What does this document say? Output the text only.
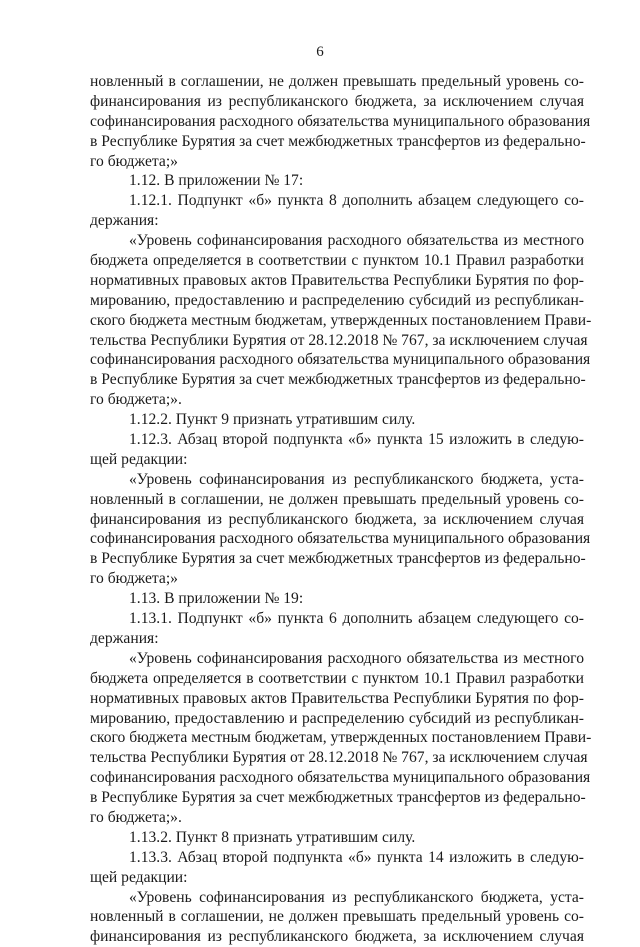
6
новленный в соглашении, не должен превышать предельный уровень со-
финансирования из республиканского бюджета, за исключением случая
софинансирования расходного обязательства муниципального образования
в Республике Бурятия за счет межбюджетных трансфертов из федерально-
го бюджета;»
1.12. В приложении № 17:
1.12.1. Подпункт «б» пункта 8 дополнить абзацем следующего со-
держания:
«Уровень софинансирования расходного обязательства из местного
бюджета определяется в соответствии с пунктом 10.1 Правил разработки
нормативных правовых актов Правительства Республики Бурятия по фор-
мированию, предоставлению и распределению субсидий из республикан-
ского бюджета местным бюджетам, утвержденных постановлением Прави-
тельства Республики Бурятия от 28.12.2018 № 767, за исключением случая
софинансирования расходного обязательства муниципального образования
в Республике Бурятия за счет межбюджетных трансфертов из федерально-
го бюджета;».
1.12.2. Пункт 9 признать утратившим силу.
1.12.3. Абзац второй подпункта «б» пункта 15 изложить в следую-
щей редакции:
«Уровень софинансирования из республиканского бюджета, уста-
новленный в соглашении, не должен превышать предельный уровень со-
финансирования из республиканского бюджета, за исключением случая
софинансирования расходного обязательства муниципального образования
в Республике Бурятия за счет межбюджетных трансфертов из федерально-
го бюджета;»
1.13. В приложении № 19:
1.13.1. Подпункт «б» пункта 6 дополнить абзацем следующего со-
держания:
«Уровень софинансирования расходного обязательства из местного
бюджета определяется в соответствии с пунктом 10.1 Правил разработки
нормативных правовых актов Правительства Республики Бурятия по фор-
мированию, предоставлению и распределению субсидий из республикан-
ского бюджета местным бюджетам, утвержденных постановлением Прави-
тельства Республики Бурятия от 28.12.2018 № 767, за исключением случая
софинансирования расходного обязательства муниципального образования
в Республике Бурятия за счет межбюджетных трансфертов из федерально-
го бюджета;».
1.13.2. Пункт 8 признать утратившим силу.
1.13.3. Абзац второй подпункта «б» пункта 14 изложить в следую-
щей редакции:
«Уровень софинансирования из республиканского бюджета, уста-
новленный в соглашении, не должен превышать предельный уровень со-
финансирования из республиканского бюджета, за исключением случая
